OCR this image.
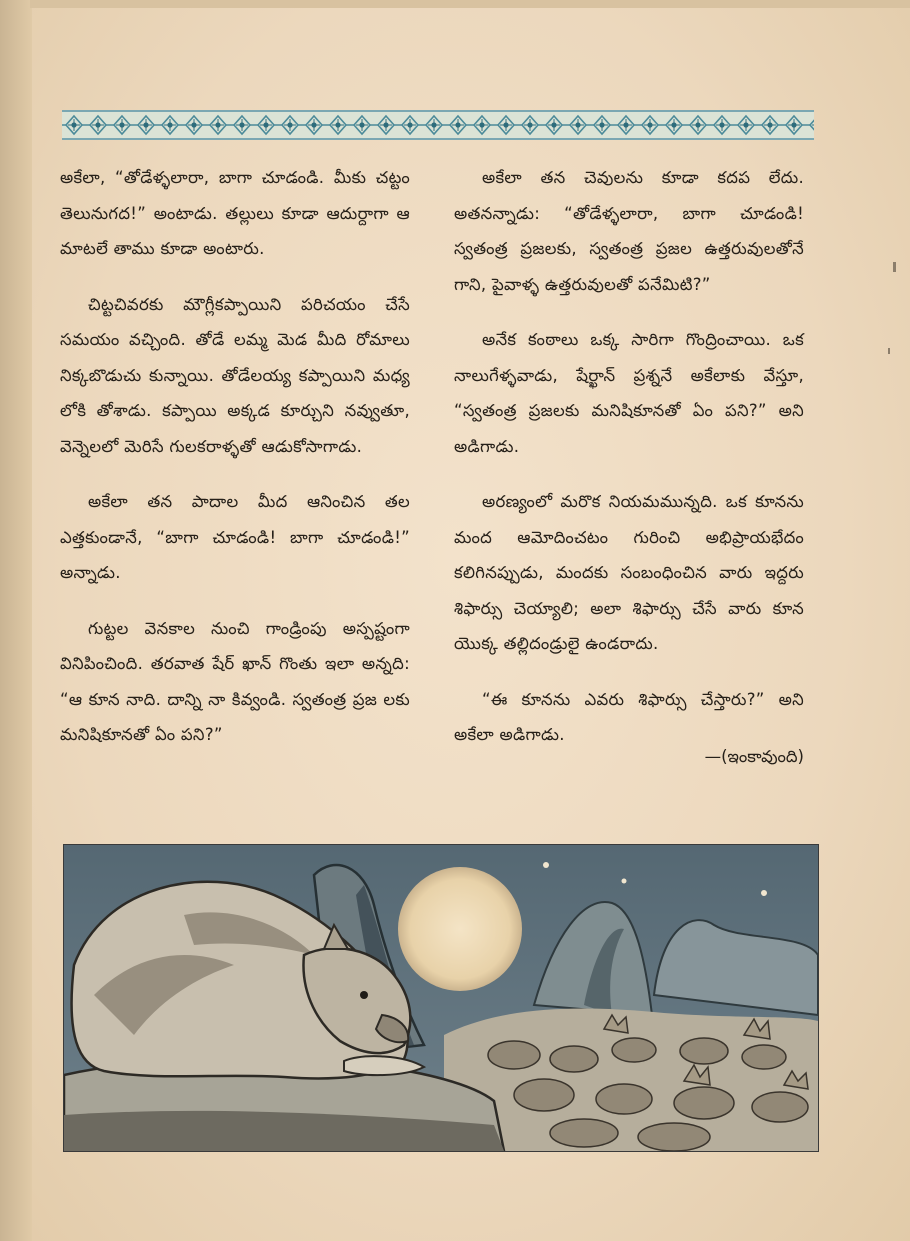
అకేలా, “తోడేళ్ళలారా, బాగా చూడండి. మీకు చట్టం తెలునుగద!” అంటాడు. తల్లులు కూడా ఆదుర్దాగా ఆ మాటలే తాము కూడా అంటారు.

చిట్టచివరకు మౌగ్లీకప్పాయిని పరిచయం చేసే సమయం వచ్చింది. తోడే లమ్మ మెడ మీది రోమాలు నిక్కబొడుచు కున్నాయి. తోడేలయ్య కప్పాయిని మధ్య లోకి తోశాడు. కప్పాయి అక్కడ కూర్చుని నవ్వుతూ, వెన్నెలలో మెరిసే గులకరాళ్ళతో ఆడుకోసాగాడు.

అకేలా తన పాదాల మీద ఆనించిన తల ఎత్తకుండానే, “బాగా చూడండి! బాగా చూడండి!” అన్నాడు.

గుట్టల వెనకాల నుంచి గాండ్రింపు అస్పష్టంగా వినిపించింది. తరవాత షేర్ ఖాన్ గొంతు ఇలా అన్నది: “ఆ కూన నాది. దాన్ని నా కివ్వండి. స్వతంత్ర ప్రజ లకు మనిషికూనతో ఏం పని?”

అకేలా తన చెవులను కూడా కదప లేదు. అతనన్నాడు: “తోడేళ్ళలారా, బాగా చూడండి! స్వతంత్ర ప్రజలకు, స్వతంత్ర ప్రజల ఉత్తరువులతోనే గాని, పైవాళ్ళ ఉత్తరువులతో పనేమిటి?”

అనేక కంఠాలు ఒక్క సారిగా గొంద్రించాయి. ఒక నాలుగేళ్ళవాడు, షేర్ఖాన్ ప్రశ్ననే అకేలాకు వేస్తూ, “స్వతంత్ర ప్రజలకు మనిషికూనతో ఏం పని?” అని అడిగాడు.

అరణ్యంలో మరొక నియమమున్నది. ఒక కూనను మంద ఆమోదించటం గురించి అభిప్రాయభేదం కలిగినప్పుడు, మందకు సంబంధించిన వారు ఇద్దరు శిఫార్సు చెయ్యాలి; అలా శిఫార్సు చేసే వారు కూన యొక్క తల్లిదండ్రులై ఉండరాదు.

“ఈ కూనను ఎవరు శిఫార్సు చేస్తారు?” అని అకేలా అడిగాడు.

—(ఇంకావుంది)
